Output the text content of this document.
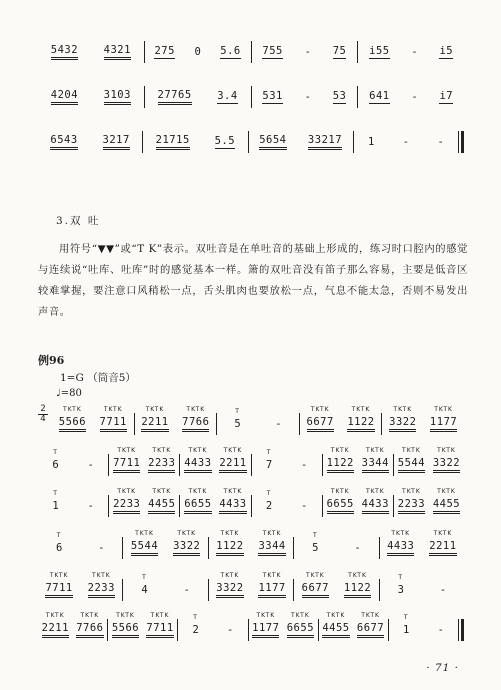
5432 4321 275 0 5.6 755 - 75 i55 - i5
4204 3103	27765 3.4 531 - 53 641 - i7
6543 3217 21715 5.5 5654 33217 1	-	-
3.双 吐
用符号“▼▼”或“T K”表示。双吐音是在单吐音的基础上形成的，练习时口腔内的感觉与连续说“吐库、吐库”时的感觉基本一样。箫的双吐音没有笛子那么容易，主要是低音区较难掌握，要注意口风稍松一点，舌头肌肉也要放松一点，气息不能太急，否则不易发出声音。
例96
1=G （筒音5）
♩=80
$\frac{2}{4} 5566$
TKTK
7711
TKTK
2211
TKTK
7766
TKTK
5
T
- 6677
TKTK
1122
TKTK
3322
TKTK
1177
TKTK
6
T
- 7711
TKTK
2233
TKTK
4433
TKTK
2211
TKTK
7
T
- 1122
TKTK
3344
TKTK
5544
TKTK
3322
TKTK
1
T
- 2233
TKTK
4455
TKTK
6655
TKTK
4433
TKTK
2
T
- 6655
TKTK
4433
TKTK
2233
TKTK
4455
TKTK
6
T
-	5544
TKTK
3322
TKTK
1122
TKTK
3344
TKTK
5
T
-	4433
TKTK
2211
TKTK
7711
TKTK
2233
TKTK
4
T
-	3322
TKTK
1177
TKTK
6677
TKTK
1122
TKTK
3
T
-
2211
TKTK
7766
TKTK
5566
TKTK
7711
TKTK
2
T
- 1177
TKTK
6655
TKTK
4455
TKTK
6677
TKTK
1
T
-
· 71 ·
